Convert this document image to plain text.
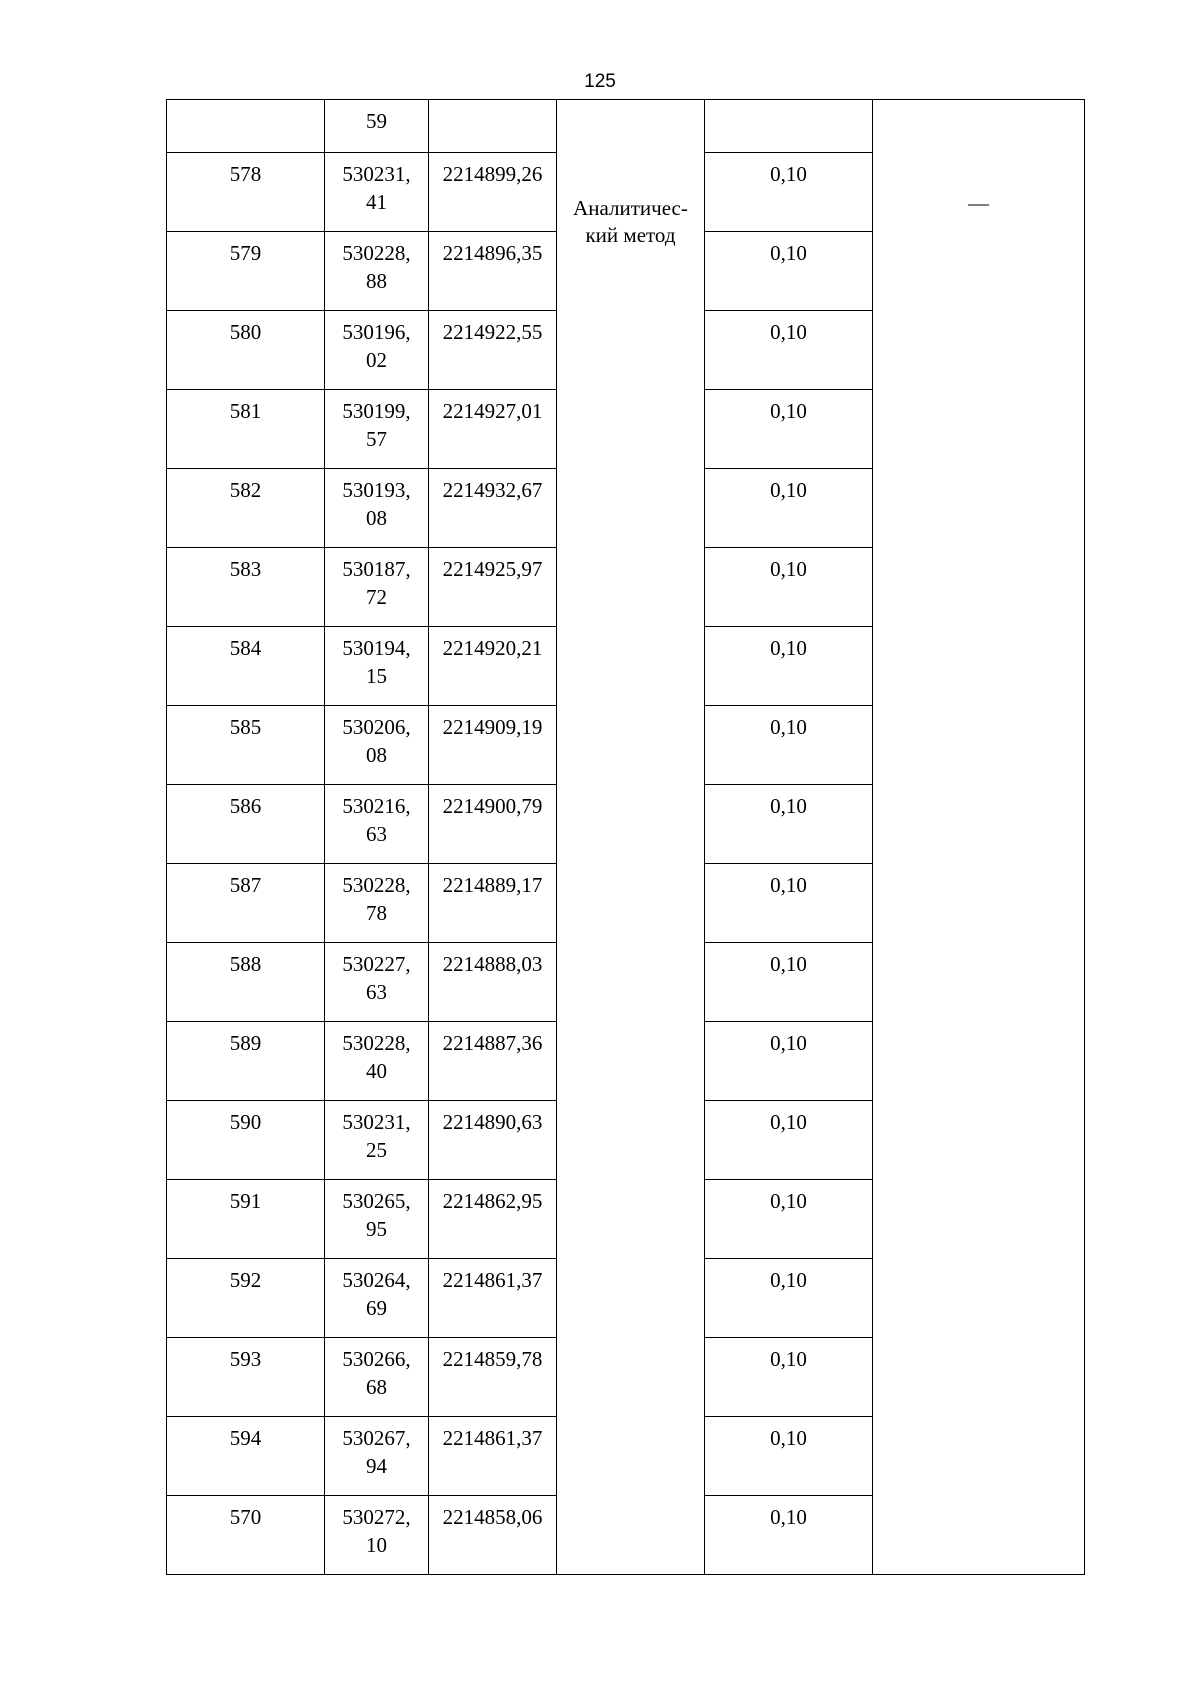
125

	59		Аналитичес-
кий метод		—

578	530231,
41	2214899,26		0,10	

579	530228,
88	2214896,35		0,10	

580	530196,
02	2214922,55		0,10	

581	530199,
57	2214927,01		0,10	

582	530193,
08	2214932,67		0,10	

583	530187,
72	2214925,97		0,10	

584	530194,
15	2214920,21		0,10	

585	530206,
08	2214909,19		0,10	

586	530216,
63	2214900,79		0,10	

587	530228,
78	2214889,17		0,10	

588	530227,
63	2214888,03		0,10	

589	530228,
40	2214887,36		0,10	

590	530231,
25	2214890,63		0,10	

591	530265,
95	2214862,95		0,10	

592	530264,
69	2214861,37		0,10	

593	530266,
68	2214859,78		0,10	

594	530267,
94	2214861,37		0,10	

570	530272,
10	2214858,06		0,10	
